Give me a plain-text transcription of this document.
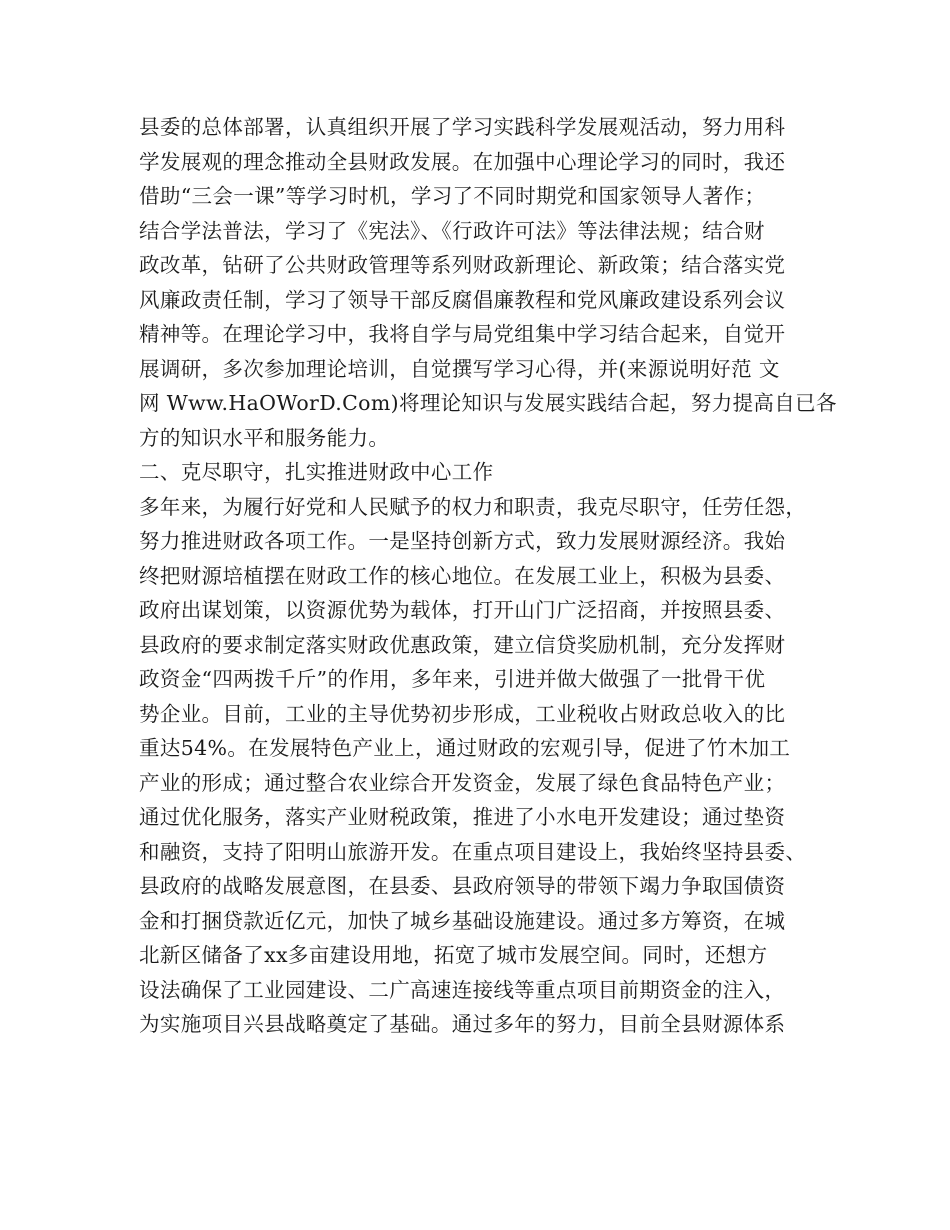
县委的总体部署，认真组织开展了学习实践科学发展观活动，努力用科
学发展观的理念推动全县财政发展。在加强中心理论学习的同时，我还
借助“三会一课”等学习时机，学习了不同时期党和国家领导人著作；
结合学法普法，学习了《宪法》、《行政许可法》等法律法规；结合财
政改革，钻研了公共财政管理等系列财政新理论、新政策；结合落实党
风廉政责任制，学习了领导干部反腐倡廉教程和党风廉政建设系列会议
精神等。在理论学习中，我将自学与局党组集中学习结合起来，自觉开
展调研，多次参加理论培训，自觉撰写学习心得，并(来源说明好范 文
网 Www.HaOWorD.Com)将理论知识与发展实践结合起，努力提高自已各
方的知识水平和服务能力。
二、克尽职守，扎实推进财政中心工作
多年来，为履行好党和人民赋予的权力和职责，我克尽职守，任劳任怨，
努力推进财政各项工作。一是坚持创新方式，致力发展财源经济。我始
终把财源培植摆在财政工作的核心地位。在发展工业上，积极为县委、
政府出谋划策，以资源优势为载体，打开山门广泛招商，并按照县委、
县政府的要求制定落实财政优惠政策，建立信贷奖励机制，充分发挥财
政资金“四两拨千斤”的作用，多年来，引进并做大做强了一批骨干优
势企业。目前，工业的主导优势初步形成，工业税收占财政总收入的比
重达54%。在发展特色产业上，通过财政的宏观引导，促进了竹木加工
产业的形成；通过整合农业综合开发资金，发展了绿色食品特色产业；
通过优化服务，落实产业财税政策，推进了小水电开发建设；通过垫资
和融资，支持了阳明山旅游开发。在重点项目建设上，我始终坚持县委、
县政府的战略发展意图，在县委、县政府领导的带领下竭力争取国债资
金和打捆贷款近亿元，加快了城乡基础设施建设。通过多方筹资，在城
北新区储备了xx多亩建设用地，拓宽了城市发展空间。同时，还想方
设法确保了工业园建设、二广高速连接线等重点项目前期资金的注入，
为实施项目兴县战略奠定了基础。通过多年的努力，目前全县财源体系
